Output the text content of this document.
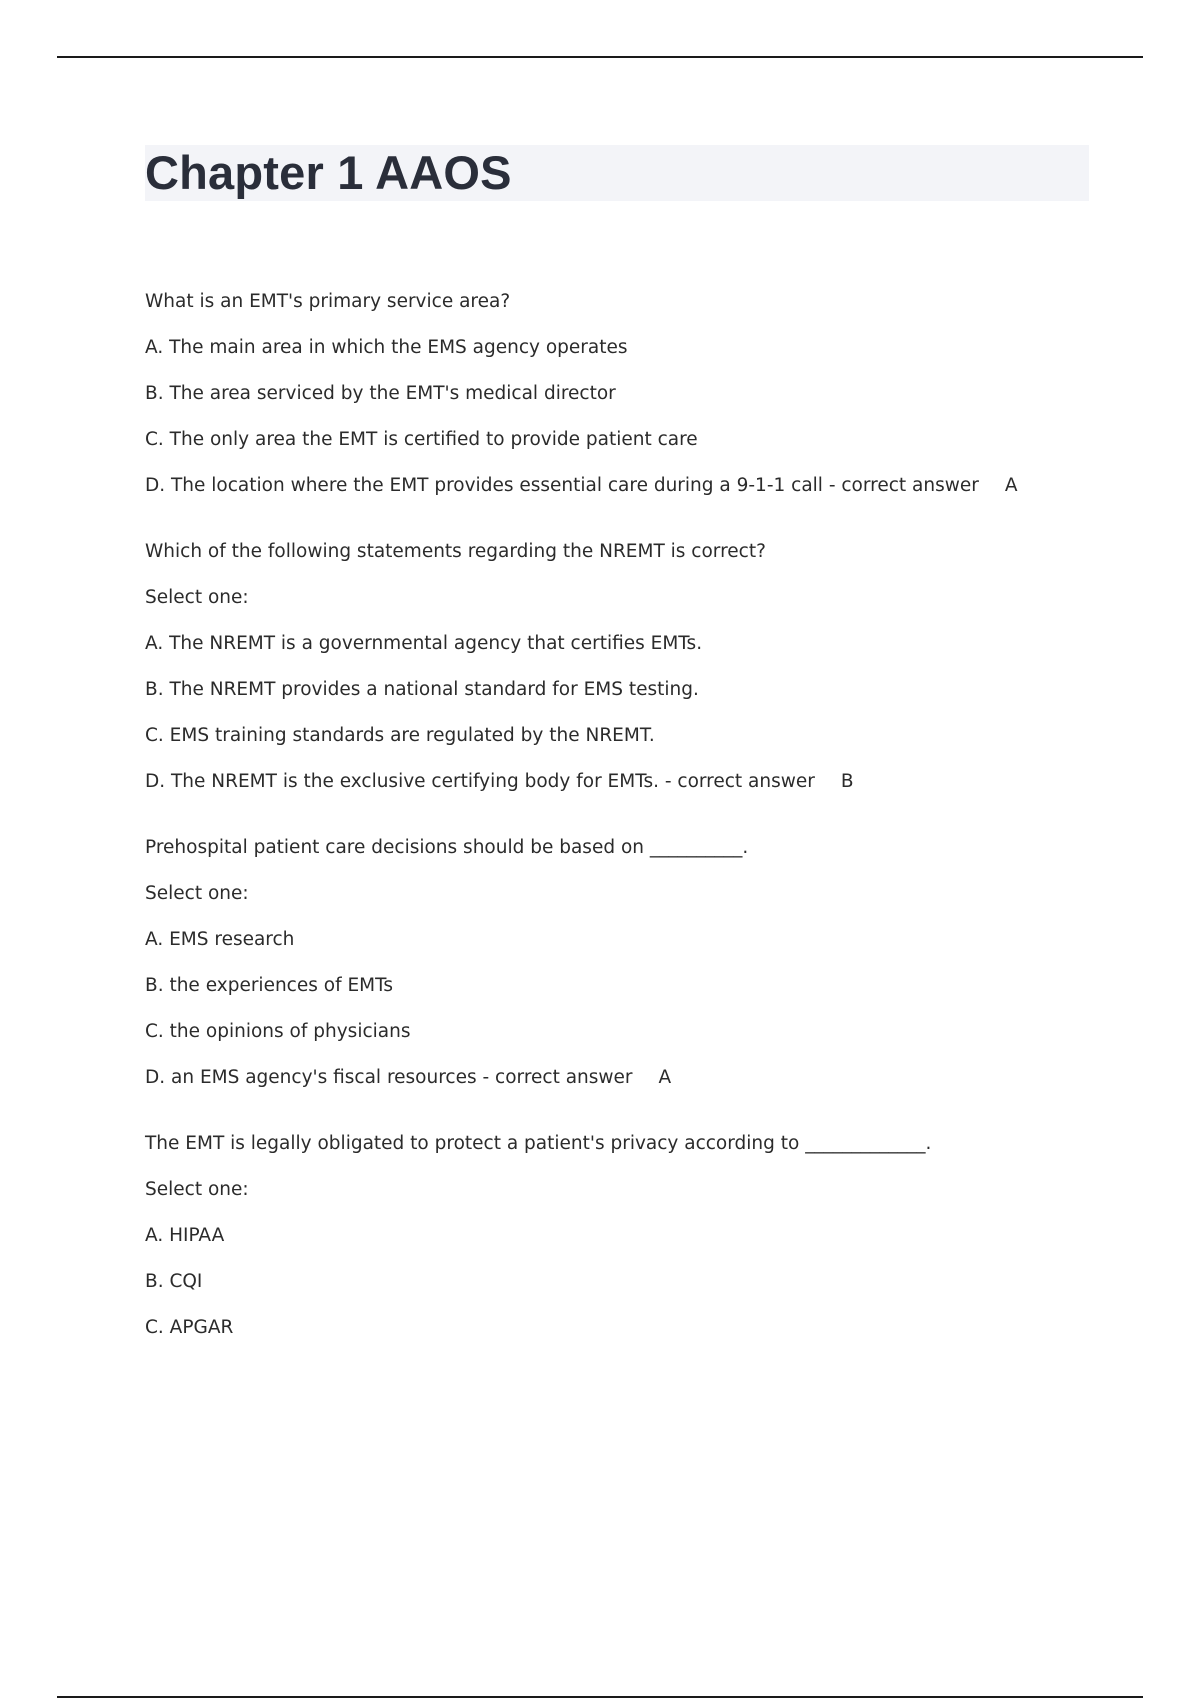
Chapter 1 AAOS
What is an EMT's primary service area?
A. The main area in which the EMS agency operates
B. The area serviced by the EMT's medical director
C. The only area the EMT is certified to provide patient care
D. The location where the EMT provides essential care during a 9-1-1 call - correct answer A
Which of the following statements regarding the NREMT is correct?
Select one:
A. The NREMT is a governmental agency that certifies EMTs.
B. The NREMT provides a national standard for EMS testing.
C. EMS training standards are regulated by the NREMT.
D. The NREMT is the exclusive certifying body for EMTs. - correct answer B
Prehospital patient care decisions should be based on __________.
Select one:
A. EMS research
B. the experiences of EMTs
C. the opinions of physicians
D. an EMS agency's fiscal resources - correct answer A
The EMT is legally obligated to protect a patient's privacy according to _____________.
Select one:
A. HIPAA
B. CQI
C. APGAR
